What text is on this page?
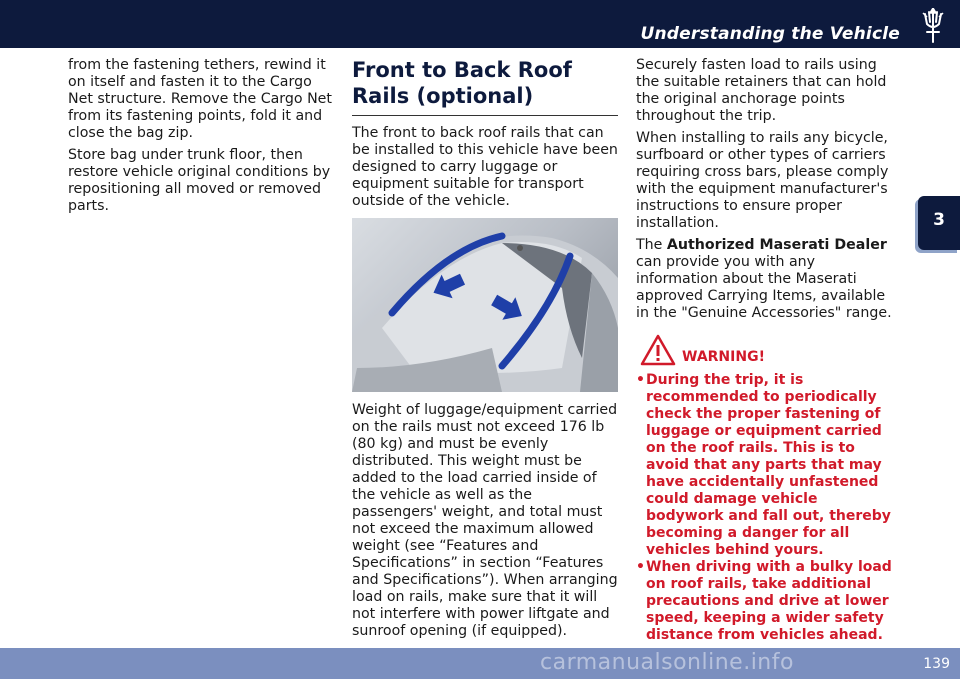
Understanding the Vehicle
3

from the fastening tethers, rewind it on itself and fasten it to the Cargo Net structure. Remove the Cargo Net from its fastening points, fold it and close the bag zip.

Store bag under trunk floor, then restore vehicle original conditions by repositioning all moved or removed parts.

Front to Back Roof Rails (optional)

The front to back roof rails that can be installed to this vehicle have been designed to carry luggage or equipment suitable for transport outside of the vehicle.

Weight of luggage/equipment carried on the rails must not exceed 176 lb (80 kg) and must be evenly distributed. This weight must be added to the load carried inside of the vehicle as well as the passengers' weight, and total must not exceed the maximum allowed weight (see “Features and Specifications” in section “Features and Specifications”). When arranging load on rails, make sure that it will not interfere with power liftgate and sunroof opening (if equipped).

Securely fasten load to rails using the suitable retainers that can hold the original anchorage points throughout the trip.

When installing to rails any bicycle, surfboard or other types of carriers requiring cross bars, please comply with the equipment manufacturer's instructions to ensure proper installation.

The Authorized Maserati Dealer can provide you with any information about the Maserati approved Carrying Items, available in the "Genuine Accessories" range.

WARNING!
• During the trip, it is recommended to periodically check the proper fastening of luggage or equipment carried on the roof rails. This is to avoid that any parts that may have accidentally unfastened could damage vehicle bodywork and fall out, thereby becoming a danger for all vehicles behind yours.
• When driving with a bulky load on roof rails, take additional precautions and drive at lower speed, keeping a wider safety distance from vehicles ahead.
carmanualsonline.info	139
